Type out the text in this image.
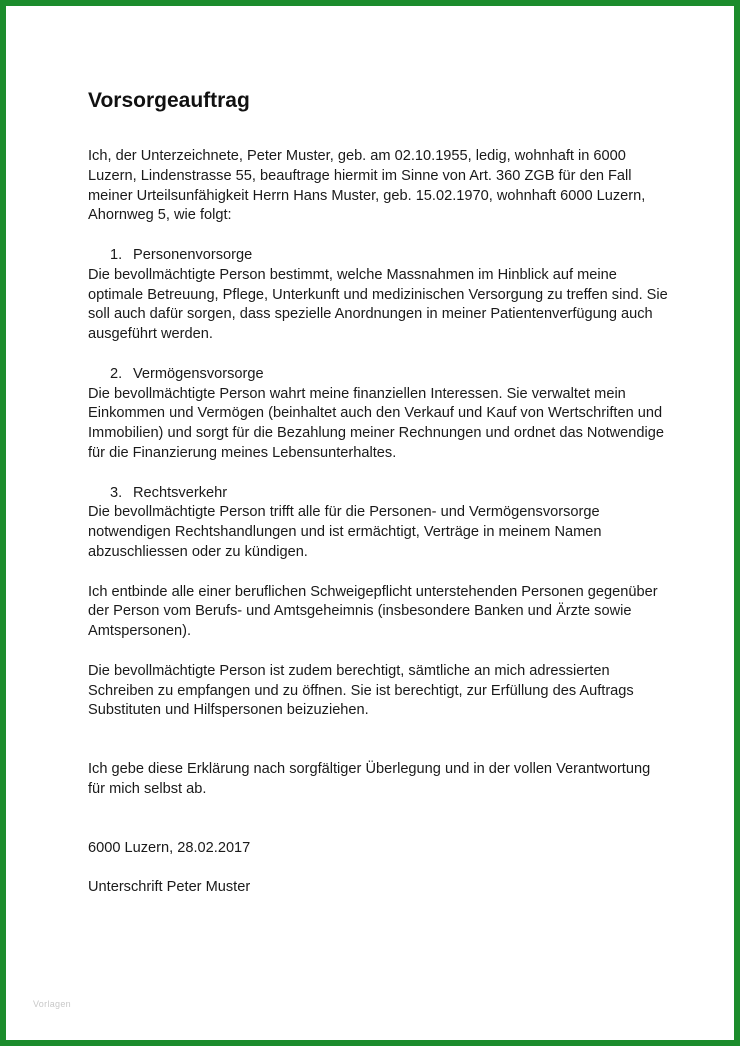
Vorsorgeauftrag

Ich, der Unterzeichnete, Peter Muster, geb. am 02.10.1955, ledig, wohnhaft in 6000 Luzern, Lindenstrasse 55, beauftrage hiermit im Sinne von Art. 360 ZGB für den Fall meiner Urteilsunfähigkeit Herrn Hans Muster, geb. 15.02.1970, wohnhaft 6000 Luzern, Ahornweg 5, wie folgt:

1. Personenvorsorge

Die bevollmächtigte Person bestimmt, welche Massnahmen im Hinblick auf meine optimale Betreuung, Pflege, Unterkunft und medizinischen Versorgung zu treffen sind. Sie soll auch dafür sorgen, dass spezielle Anordnungen in meiner Patientenverfügung auch ausgeführt werden.

2. Vermögensvorsorge

Die bevollmächtigte Person wahrt meine finanziellen Interessen. Sie verwaltet mein Einkommen und Vermögen (beinhaltet auch den Verkauf und Kauf von Wertschriften und Immobilien) und sorgt für die Bezahlung meiner Rechnungen und ordnet das Notwendige für die Finanzierung meines Lebensunterhaltes.

3. Rechtsverkehr

Die bevollmächtigte Person trifft alle für die Personen- und Vermögensvorsorge notwendigen Rechtshandlungen und ist ermächtigt, Verträge in meinem Namen abzuschliessen oder zu kündigen.

Ich entbinde alle einer beruflichen Schweigepflicht unterstehenden Personen gegenüber der Person vom Berufs- und Amtsgeheimnis (insbesondere Banken und Ärzte sowie Amtspersonen).

Die bevollmächtigte Person ist zudem berechtigt, sämtliche an mich adressierten Schreiben zu empfangen und zu öffnen. Sie ist berechtigt, zur Erfüllung des Auftrags Substituten und Hilfspersonen beizuziehen.

Ich gebe diese Erklärung nach sorgfältiger Überlegung und in der vollen Verantwortung für mich selbst ab.

6000 Luzern, 28.02.2017

Unterschrift Peter Muster

Vorlagen
